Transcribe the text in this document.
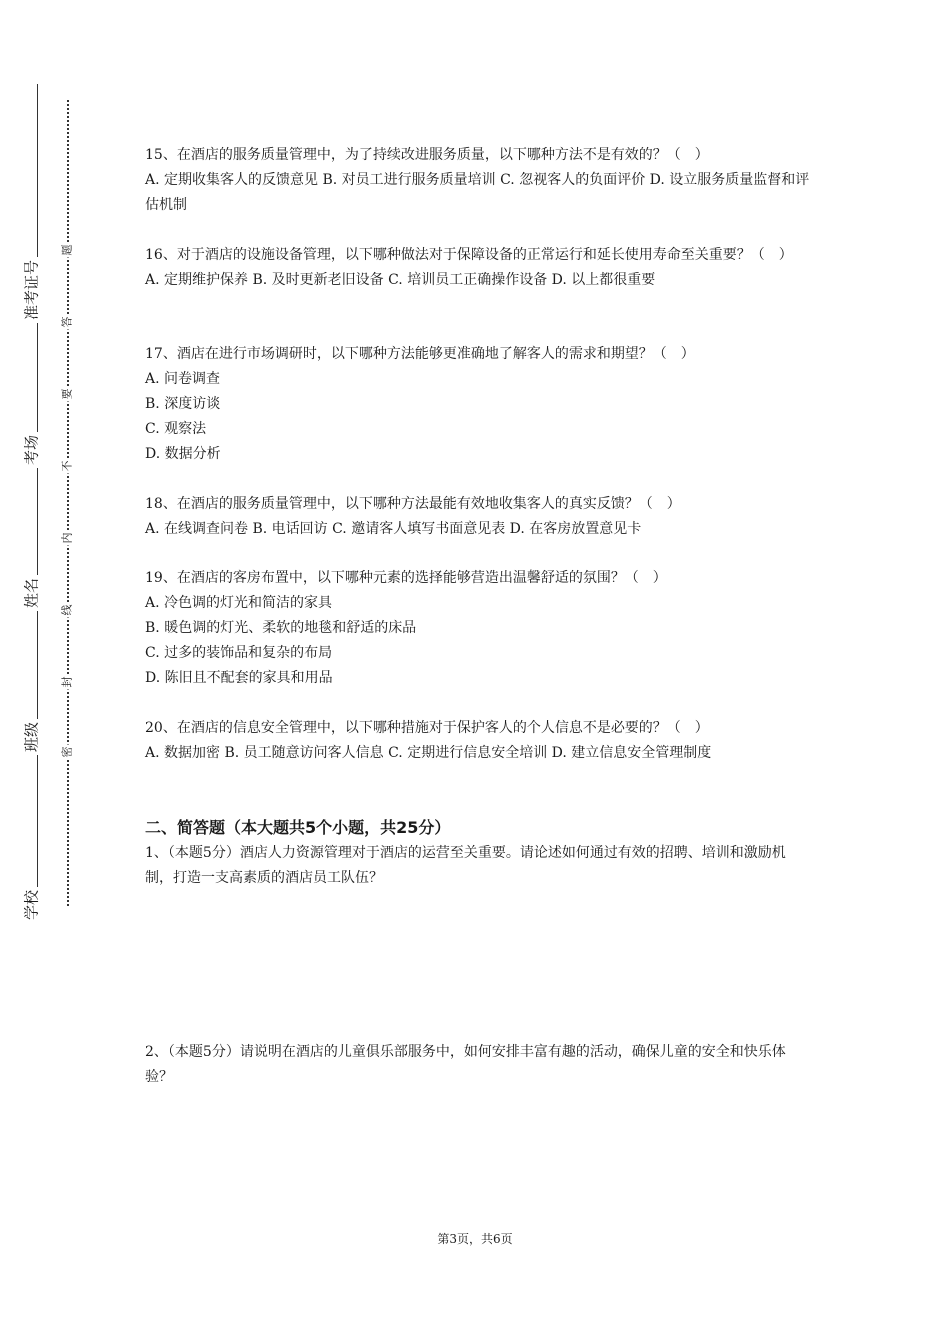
准考证号
考场
姓名
班级
学校
题
答
要
不
内
线
封
密

15、在酒店的服务质量管理中，为了持续改进服务质量，以下哪种方法不是有效的？（　）

A. 定期收集客人的反馈意见 B. 对员工进行服务质量培训 C. 忽视客人的负面评价 D. 设立服务质量监督和评估机制

16、对于酒店的设施设备管理，以下哪种做法对于保障设备的正常运行和延长使用寿命至关重要？（　）

A. 定期维护保养 B. 及时更新老旧设备 C. 培训员工正确操作设备 D. 以上都很重要

17、酒店在进行市场调研时，以下哪种方法能够更准确地了解客人的需求和期望？（　）

A. 问卷调查

B. 深度访谈

C. 观察法

D. 数据分析

18、在酒店的服务质量管理中，以下哪种方法最能有效地收集客人的真实反馈？（　）

A. 在线调查问卷 B. 电话回访 C. 邀请客人填写书面意见表 D. 在客房放置意见卡

19、在酒店的客房布置中，以下哪种元素的选择能够营造出温馨舒适的氛围？（　）

A. 冷色调的灯光和简洁的家具

B. 暖色调的灯光、柔软的地毯和舒适的床品

C. 过多的装饰品和复杂的布局

D. 陈旧且不配套的家具和用品

20、在酒店的信息安全管理中，以下哪种措施对于保护客人的个人信息不是必要的？（　）

A. 数据加密 B. 员工随意访问客人信息 C. 定期进行信息安全培训 D. 建立信息安全管理制度

二、简答题（本大题共5个小题，共25分）

1、（本题5分）酒店人力资源管理对于酒店的运营至关重要。请论述如何通过有效的招聘、培训和激励机制，打造一支高素质的酒店员工队伍？

2、（本题5分）请说明在酒店的儿童俱乐部服务中，如何安排丰富有趣的活动，确保儿童的安全和快乐体验？

第3页，共6页
